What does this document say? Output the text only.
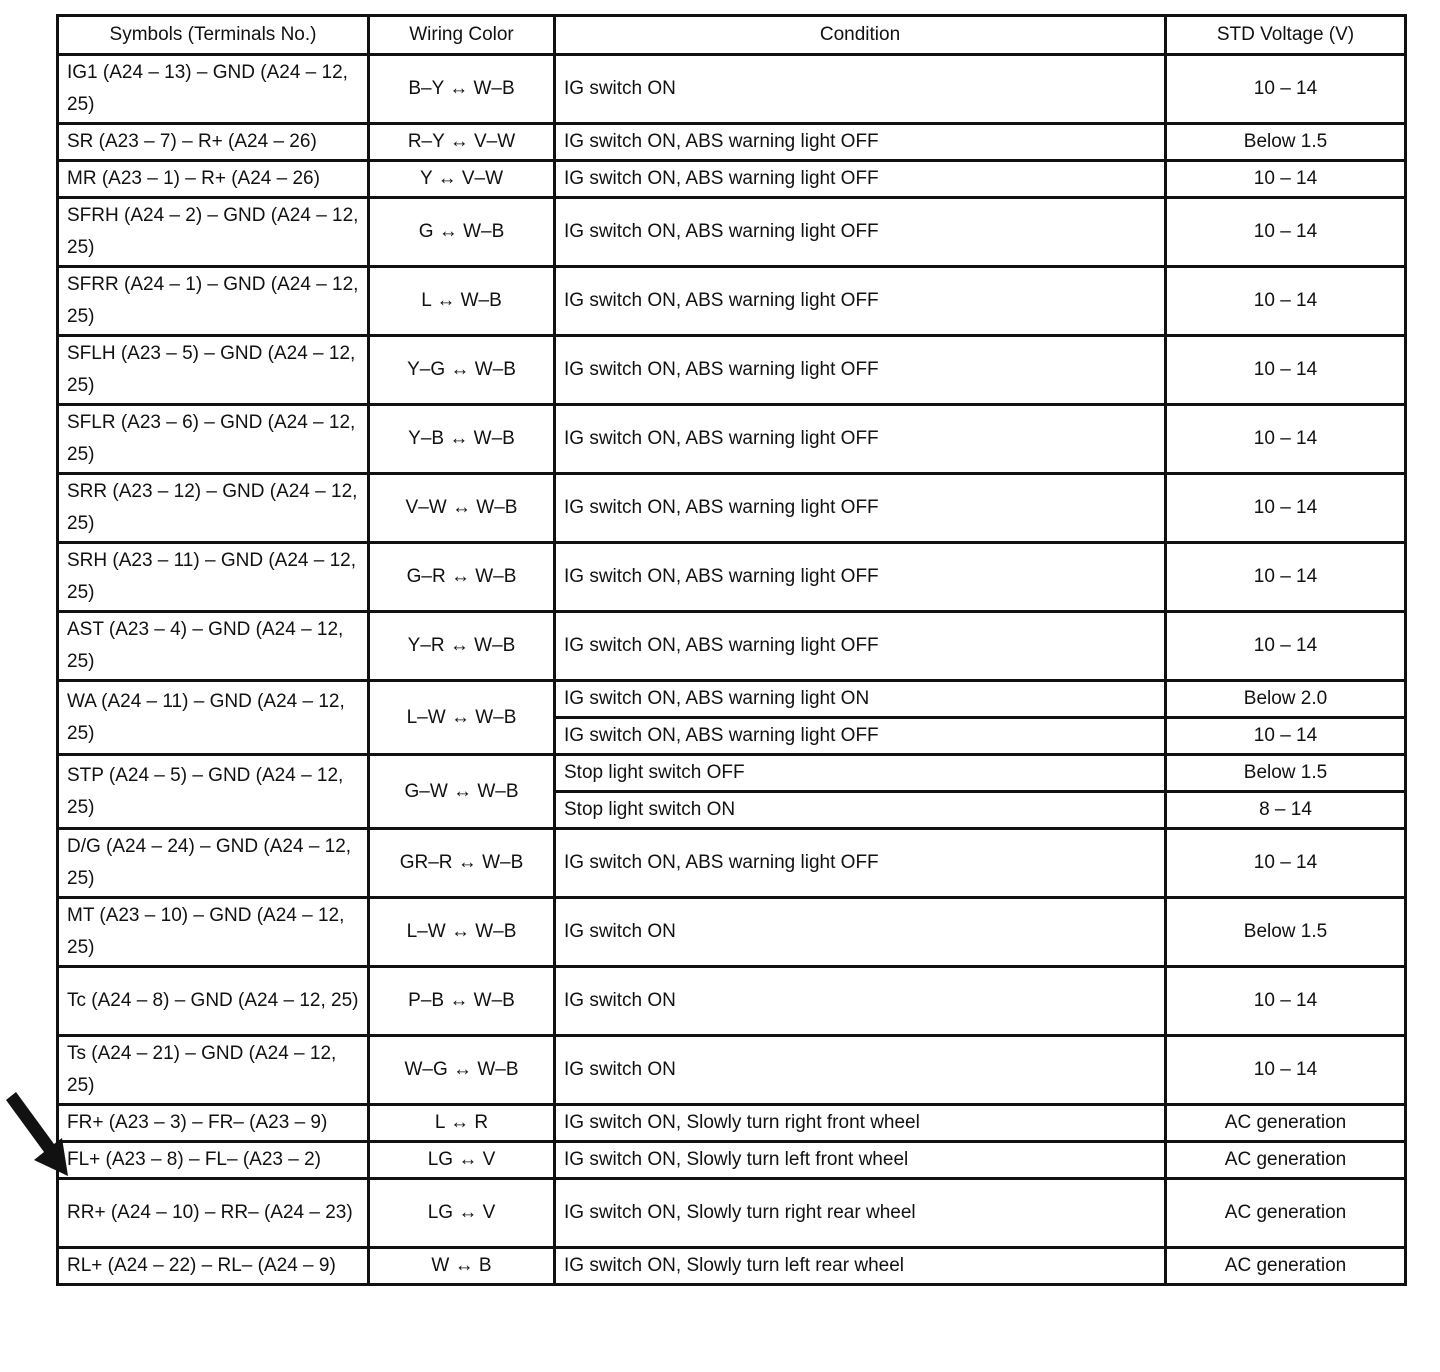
Symbols (Terminals No.)	Wiring Color	Condition	STD Voltage (V)
IG1 (A24 – 13) – GND (A24 – 12, 25)	B–Y ↔ W–B	IG switch ON	10 – 14
SR (A23 – 7) – R+ (A24 – 26)	R–Y ↔ V–W	IG switch ON, ABS warning light OFF	Below 1.5
MR (A23 – 1) – R+ (A24 – 26)	Y ↔ V–W	IG switch ON, ABS warning light OFF	10 – 14
SFRH (A24 – 2) – GND (A24 – 12, 25)	G ↔ W–B	IG switch ON, ABS warning light OFF	10 – 14
SFRR (A24 – 1) – GND (A24 – 12, 25)	L ↔ W–B	IG switch ON, ABS warning light OFF	10 – 14
SFLH (A23 – 5) – GND (A24 – 12, 25)	Y–G ↔ W–B	IG switch ON, ABS warning light OFF	10 – 14
SFLR (A23 – 6) – GND (A24 – 12, 25)	Y–B ↔ W–B	IG switch ON, ABS warning light OFF	10 – 14
SRR (A23 – 12) – GND (A24 – 12, 25)	V–W ↔ W–B	IG switch ON, ABS warning light OFF	10 – 14
SRH (A23 – 11) – GND (A24 – 12, 25)	G–R ↔ W–B	IG switch ON, ABS warning light OFF	10 – 14
AST (A23 – 4) – GND (A24 – 12, 25)	Y–R ↔ W–B	IG switch ON, ABS warning light OFF	10 – 14
WA (A24 – 11) – GND (A24 – 12, 25)	L–W ↔ W–B	IG switch ON, ABS warning light ON	Below 2.0
		IG switch ON, ABS warning light OFF	10 – 14
STP (A24 – 5) – GND (A24 – 12, 25)	G–W ↔ W–B	Stop light switch OFF	Below 1.5
		Stop light switch ON	8 – 14
D/G (A24 – 24) – GND (A24 – 12, 25)	GR–R ↔ W–B	IG switch ON, ABS warning light OFF	10 – 14
MT (A23 – 10) – GND (A24 – 12, 25)	L–W ↔ W–B	IG switch ON	Below 1.5
Tc (A24 – 8) – GND (A24 – 12, 25)	P–B ↔ W–B	IG switch ON	10 – 14
Ts (A24 – 21) – GND (A24 – 12, 25)	W–G ↔ W–B	IG switch ON	10 – 14
FR+ (A23 – 3) – FR– (A23 – 9)	L ↔ R	IG switch ON, Slowly turn right front wheel	AC generation
FL+ (A23 – 8) – FL– (A23 – 2)	LG ↔ V	IG switch ON, Slowly turn left front wheel	AC generation
RR+ (A24 – 10) – RR– (A24 – 23)	LG ↔ V	IG switch ON, Slowly turn right rear wheel	AC generation
RL+ (A24 – 22) – RL– (A24 – 9)	W ↔ B	IG switch ON, Slowly turn left rear wheel	AC generation
